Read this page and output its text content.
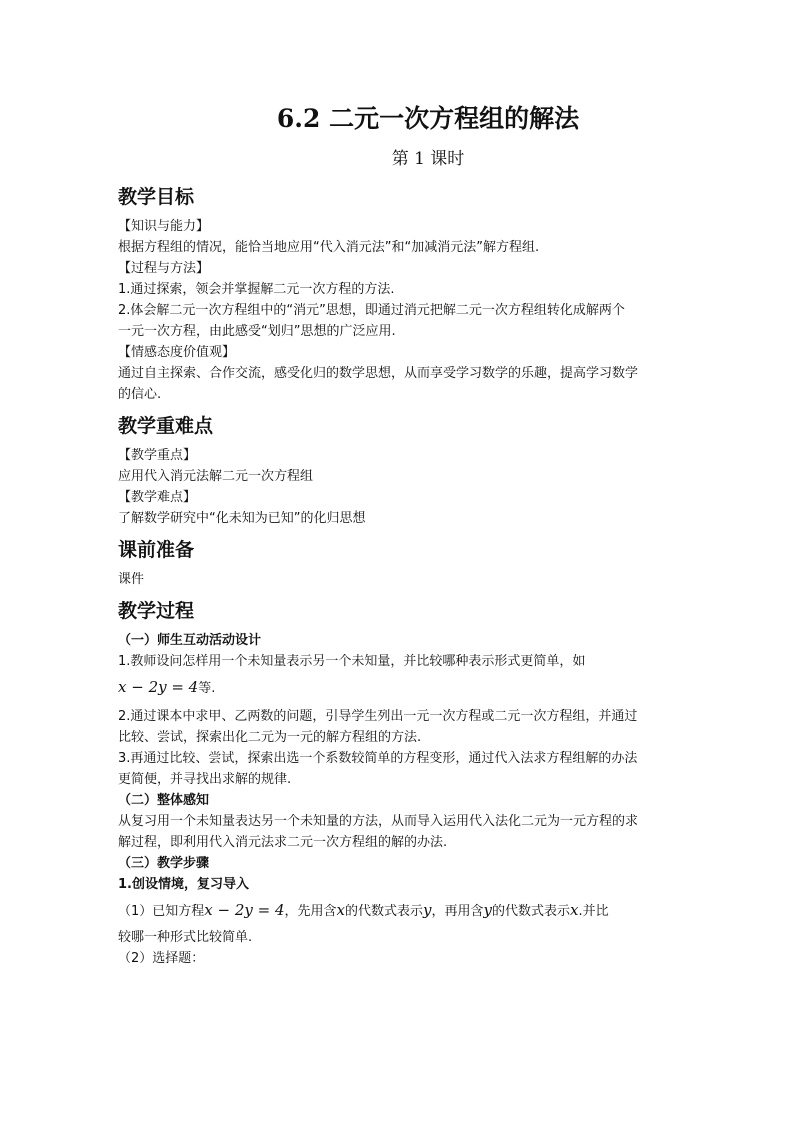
6.2 二元一次方程组的解法
第 1 课时
教学目标

【知识与能力】

根据方程组的情况，能恰当地应用“代入消元法”和“加减消元法”解方程组.

【过程与方法】

1.通过探索，领会并掌握解二元一次方程的方法.

2.体会解二元一次方程组中的“消元”思想，即通过消元把解二元一次方程组转化成解两个

一元一次方程，由此感受“划归”思想的广泛应用.

【情感态度价值观】

通过自主探索、合作交流，感受化归的数学思想，从而享受学习数学的乐趣，提高学习数学

的信心.

教学重难点

【教学重点】

应用代入消元法解二元一次方程组

【教学难点】

了解数学研究中“化未知为已知”的化归思想

课前准备

课件

教学过程

（一）师生互动活动设计

1.教师设问怎样用一个未知量表示另一个未知量，并比较哪种表示形式更简单，如

x − 2y = 4等.

2.通过课本中求甲、乙两数的问题，引导学生列出一元一次方程或二元一次方程组，并通过

比较、尝试，探索出化二元为一元的解方程组的方法.

3.再通过比较、尝试，探索出选一个系数较简单的方程变形，通过代入法求方程组解的办法

更简便，并寻找出求解的规律.

（二）整体感知

从复习用一个未知量表达另一个未知量的方法，从而导入运用代入法化二元为一元方程的求

解过程，即利用代入消元法求二元一次方程组的解的办法.

（三）教学步骤

1.创设情境，复习导入

（1）已知方程x − 2y = 4，先用含x的代数式表示y，再用含y的代数式表示x.并比

较哪一种形式比较简单.

（2）选择题：
